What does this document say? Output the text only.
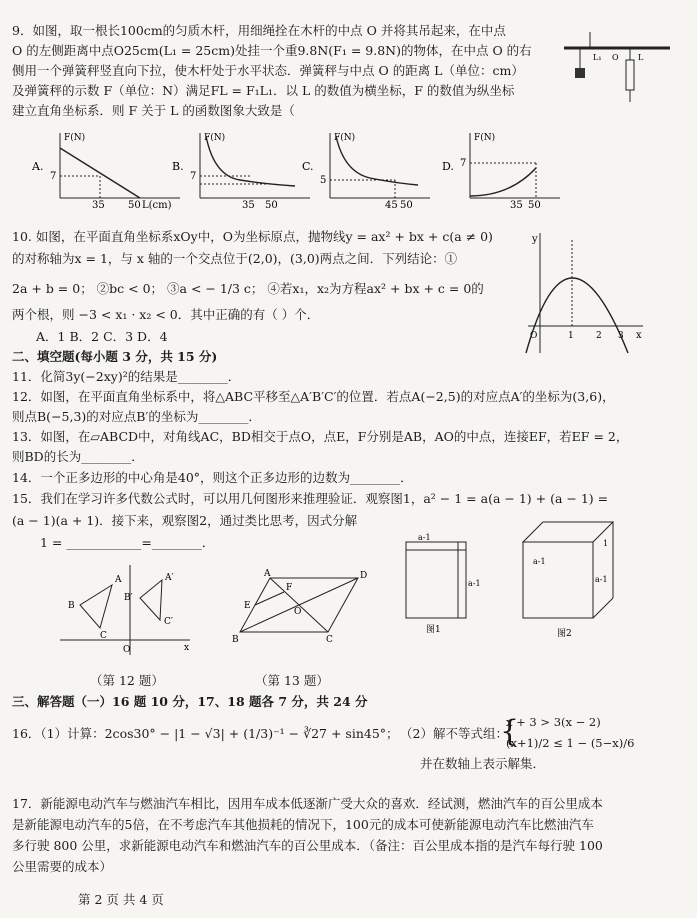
9．如图，取一根长100cm的匀质木杆，用细绳拴在木杆的中点 O 并将其吊起来，在中点
O 的左侧距离中点O25cm(L₁ = 25cm)处挂一个重9.8N(F₁ = 9.8N)的物体，在中点 O 的右
侧用一个弹簧秤竖直向下拉，使木杆处于水平状态．弹簧秤与中点 O 的距离 L（单位：cm）
及弹簧秤的示数 F（单位：N）满足FL = F₁L₁．以 L 的数值为横坐标，F 的数值为纵坐标
建立直角坐标系．则 F 关于 L 的函数图象大致是（
L₁ O L
A.
F(N)
7
35 50 L(cm)
B.
F(N)
7
35 50
C.
F(N)
5
45 50
D.
F(N)
7
35 50
10. 如图，在平面直角坐标系xOy中，O为坐标原点，抛物线y = ax² + bx + c(a ≠ 0)
的对称轴为x = 1，与 x 轴的一个交点位于(2,0)，(3,0)两点之间．下列结论：①
2a + b = 0； ②bc < 0； ③a < − 1/3 c； ④若x₁，x₂为方程ax² + bx + c = 0的
两个根，则 −3 < x₁ · x₂ < 0．其中正确的有（ ）个．
A．1 B．2 C．3 D．4
y
x
O	1 2 3
二、填空题(每小题 3 分，共 15 分)
11．化简3y(−2xy)²的结果是________．
12．如图，在平面直角坐标系中，将△ABC平移至△A′B′C′的位置．若点A(−2,5)的对应点A′的坐标为(3,6)，
则点B(−5,3)的对应点B′的坐标为________．
13．如图，在▱ABCD中，对角线AC，BD相交于点O，点E，F分别是AB，AO的中点，连接EF，若EF = 2，
则BD的长为________．
14．一个正多边形的中心角是40°，则这个正多边形的边数为________．
15．我们在学习许多代数公式时，可以用几何图形来推理验证．观察图1，a² − 1 = a(a − 1) + (a − 1) =
(a − 1)(a + 1)．接下来，观察图2，通过类比思考，因式分解
1 = ____________=________．
A
B
C
A′
B′
C′
O	x
A
B	C
D
E
F
O
（第 12 题）	（第 13 题）
a-1
a-1
图1
a-1
a-1
1
图2
三、解答题（一）16 题 10 分，17、18 题各 7 分，共 24 分
16．（1）计算：2cos30° − |1 − √3| + (1/3)⁻¹ − ∛27 + sin45°； （2）解不等式组：
x + 3 > 3(x − 2)
(x+1)/2 ≤ 1 − (5−x)/6
{
并在数轴上表示解集．
17．新能源电动汽车与燃油汽车相比，因用车成本低逐渐广受大众的喜欢．经试测，燃油汽车的百公里成本
是新能源电动汽车的5倍，在不考虑汽车其他损耗的情况下，100元的成本可使新能源电动汽车比燃油汽车
多行驶 800 公里，求新能源电动汽车和燃油汽车的百公里成本．（备注：百公里成本指的是汽车每行驶 100
公里需要的成本）
第 2 页 共 4 页
